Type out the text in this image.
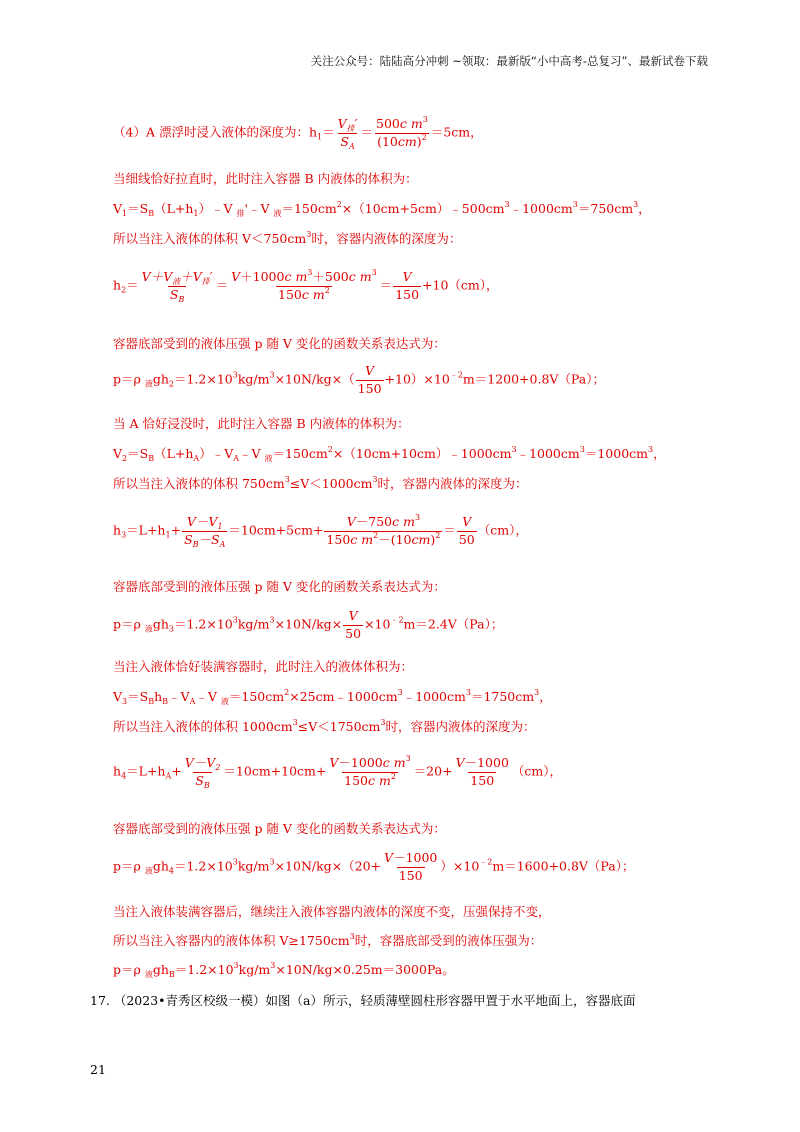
关注公众号：陆陆高分冲刺 ~领取：最新版“小中高考-总复习”、最新试卷下载
（4）A 漂浮时浸入液体的深度为：$h_1= \frac{V_排'}{S_A} = \frac{500c m^3}{(10cm)^2} =5cm$，
当细线恰好拉直时，此时注入容器 B 内液体的体积为：
$V_1=S_B(L+h_1)﹣V$ $_排$'﹣V $_液=150cm^2\times(10cm+5cm)﹣500cm^3﹣1000cm^3=750cm^3$，
所以当注入液体的体积 $V<750cm^3$时，容器内液体的深度为：
$h_2= \frac{V+V_液+V_排'}{S_B} = \frac{V+1000c m^3+500c m^3}{150c m^2} = \frac{V}{150} +10(cm)$，
容器底部受到的液体压强 p 随 V 变化的函数关系表达式为：
p＝ρ $_液gh_2=1.2\times 10^3kg/m^3\times 10N/kg\times( \frac{V}{150} +10)\times 10^{﹣2}m=1200+0.8V(Pa)$；
当 A 恰好浸没时，此时注入容器 B 内液体的体积为：
$V_2=S_B(L+h_A)﹣V_A﹣V$ $_液=150cm^2\times(10cm+10cm)﹣1000cm^3﹣1000cm^3=1000cm^3$，
所以当注入液体的体积 $750cm^3\le V<1000cm^3$时，容器内液体的深度为：
$h_3=L+h_1+ \frac{V-V_1}{S_B-S_A} =10cm+5cm+ \frac{V-750c m^3}{150c m^2-(10cm)^2} = \frac{V}{50} (cm)$，
容器底部受到的液体压强 p 随 V 变化的函数关系表达式为：
p＝ρ $_液gh_3=1.2\times 10^3kg/m^3\times 10N/kg\times \frac{V}{50} \times 10^{﹣2}m=2.4V(Pa)$；
当注入液体恰好装满容器时，此时注入的液体体积为：
$V_3=S_Bh_B﹣V_A﹣V$ $_液=150cm^2\times 25cm﹣1000cm^3﹣1000cm^3=1750cm^3$，
所以当注入液体的体积 $1000cm^3\le V<1750cm^3$时，容器内液体的深度为：
$h_4=L+h_A+ \frac{V-V_2}{S_B} =10cm+10cm+ \frac{V-1000c m^3}{150c m^2} =20+ \frac{V-1000}{150} (cm)$，
容器底部受到的液体压强 p 随 V 变化的函数关系表达式为：
p＝ρ $_液gh_4=1.2\times 10^3kg/m^3\times 10N/kg\times(20+ \frac{V-1000}{150} )\times 10^{﹣2}m=1600+0.8V(Pa)$；
当注入液体装满容器后，继续注入液体容器内液体的深度不变，压强保持不变，
所以当注入容器内的液体体积 $V\ge 1750cm^3$时，容器底部受到的液体压强为：
p＝ρ $_液gh_B=1.2\times 10^3kg/m^3\times 10N/kg\times 0.25m=3000Pa$。
17. （2023•青秀区校级一模）如图（a）所示，轻质薄壁圆柱形容器甲置于水平地面上，容器底面
21
